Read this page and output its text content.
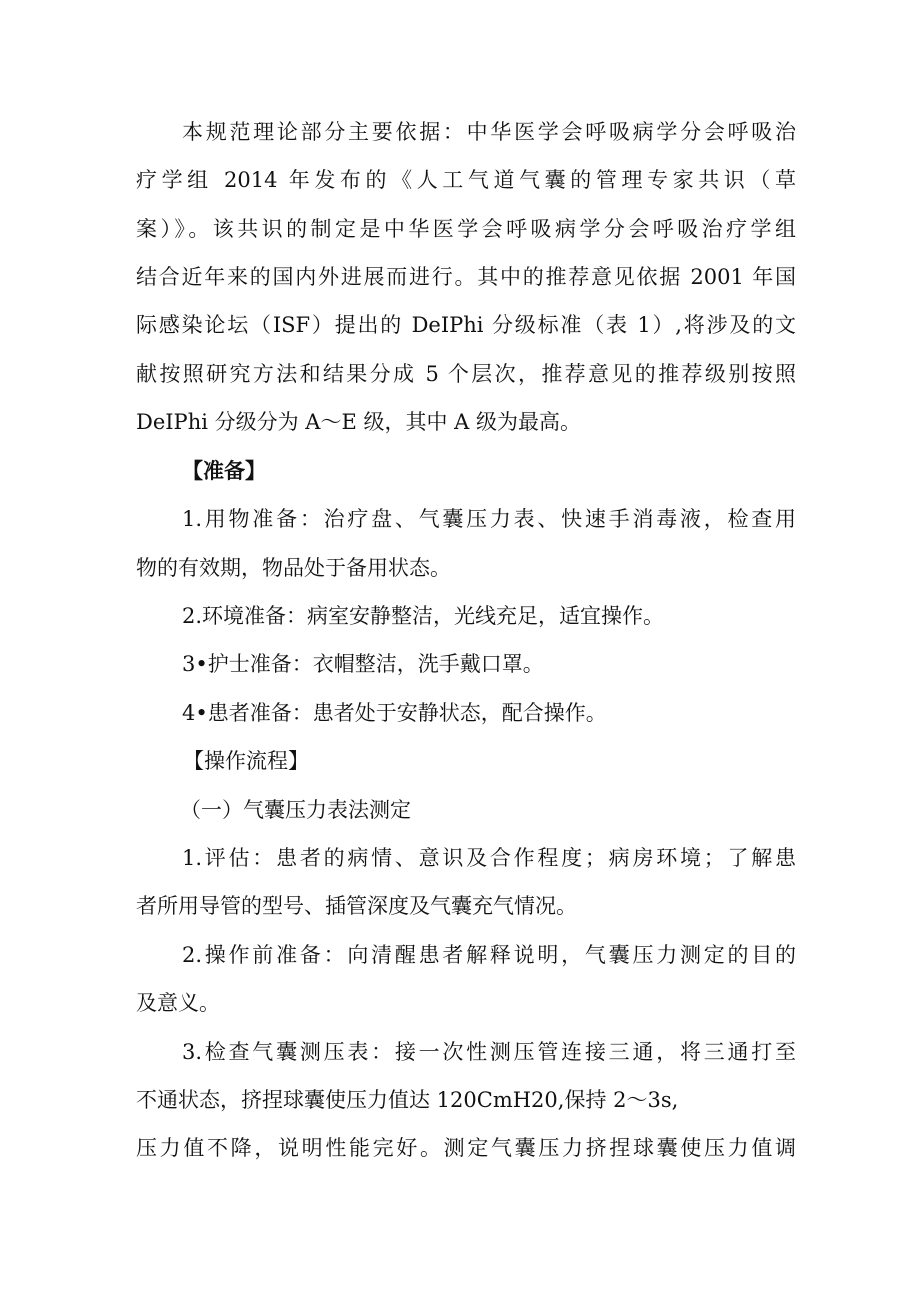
本规范理论部分主要依据：中华医学会呼吸病学分会呼吸治
疗学组 2014 年发布的《人工气道气囊的管理专家共识（草
案）》。该共识的制定是中华医学会呼吸病学分会呼吸治疗学组
结合近年来的国内外进展而进行。其中的推荐意见依据 2001 年国
际感染论坛（ISF）提出的 DeIPhi 分级标准（表 1）,将涉及的文
献按照研究方法和结果分成 5 个层次，推荐意见的推荐级别按照
DeIPhi 分级分为 A～E 级，其中 A 级为最高。
【准备】
1.用物准备：治疗盘、气囊压力表、快速手消毒液，检查用
物的有效期，物品处于备用状态。
2.环境准备：病室安静整洁，光线充足，适宜操作。
3•护士准备：衣帽整洁，洗手戴口罩。
4•患者准备：患者处于安静状态，配合操作。
【操作流程】
（一）气囊压力表法测定
1.评估：患者的病情、意识及合作程度；病房环境；了解患
者所用导管的型号、插管深度及气囊充气情况。
2.操作前准备：向清醒患者解释说明，气囊压力测定的目的
及意义。
3.检查气囊测压表：接一次性测压管连接三通，将三通打至
不通状态，挤捏球囊使压力值达 120CmH20,保持 2～3s,
压力值不降，说明性能完好。测定气囊压力挤捏球囊使压力值调
